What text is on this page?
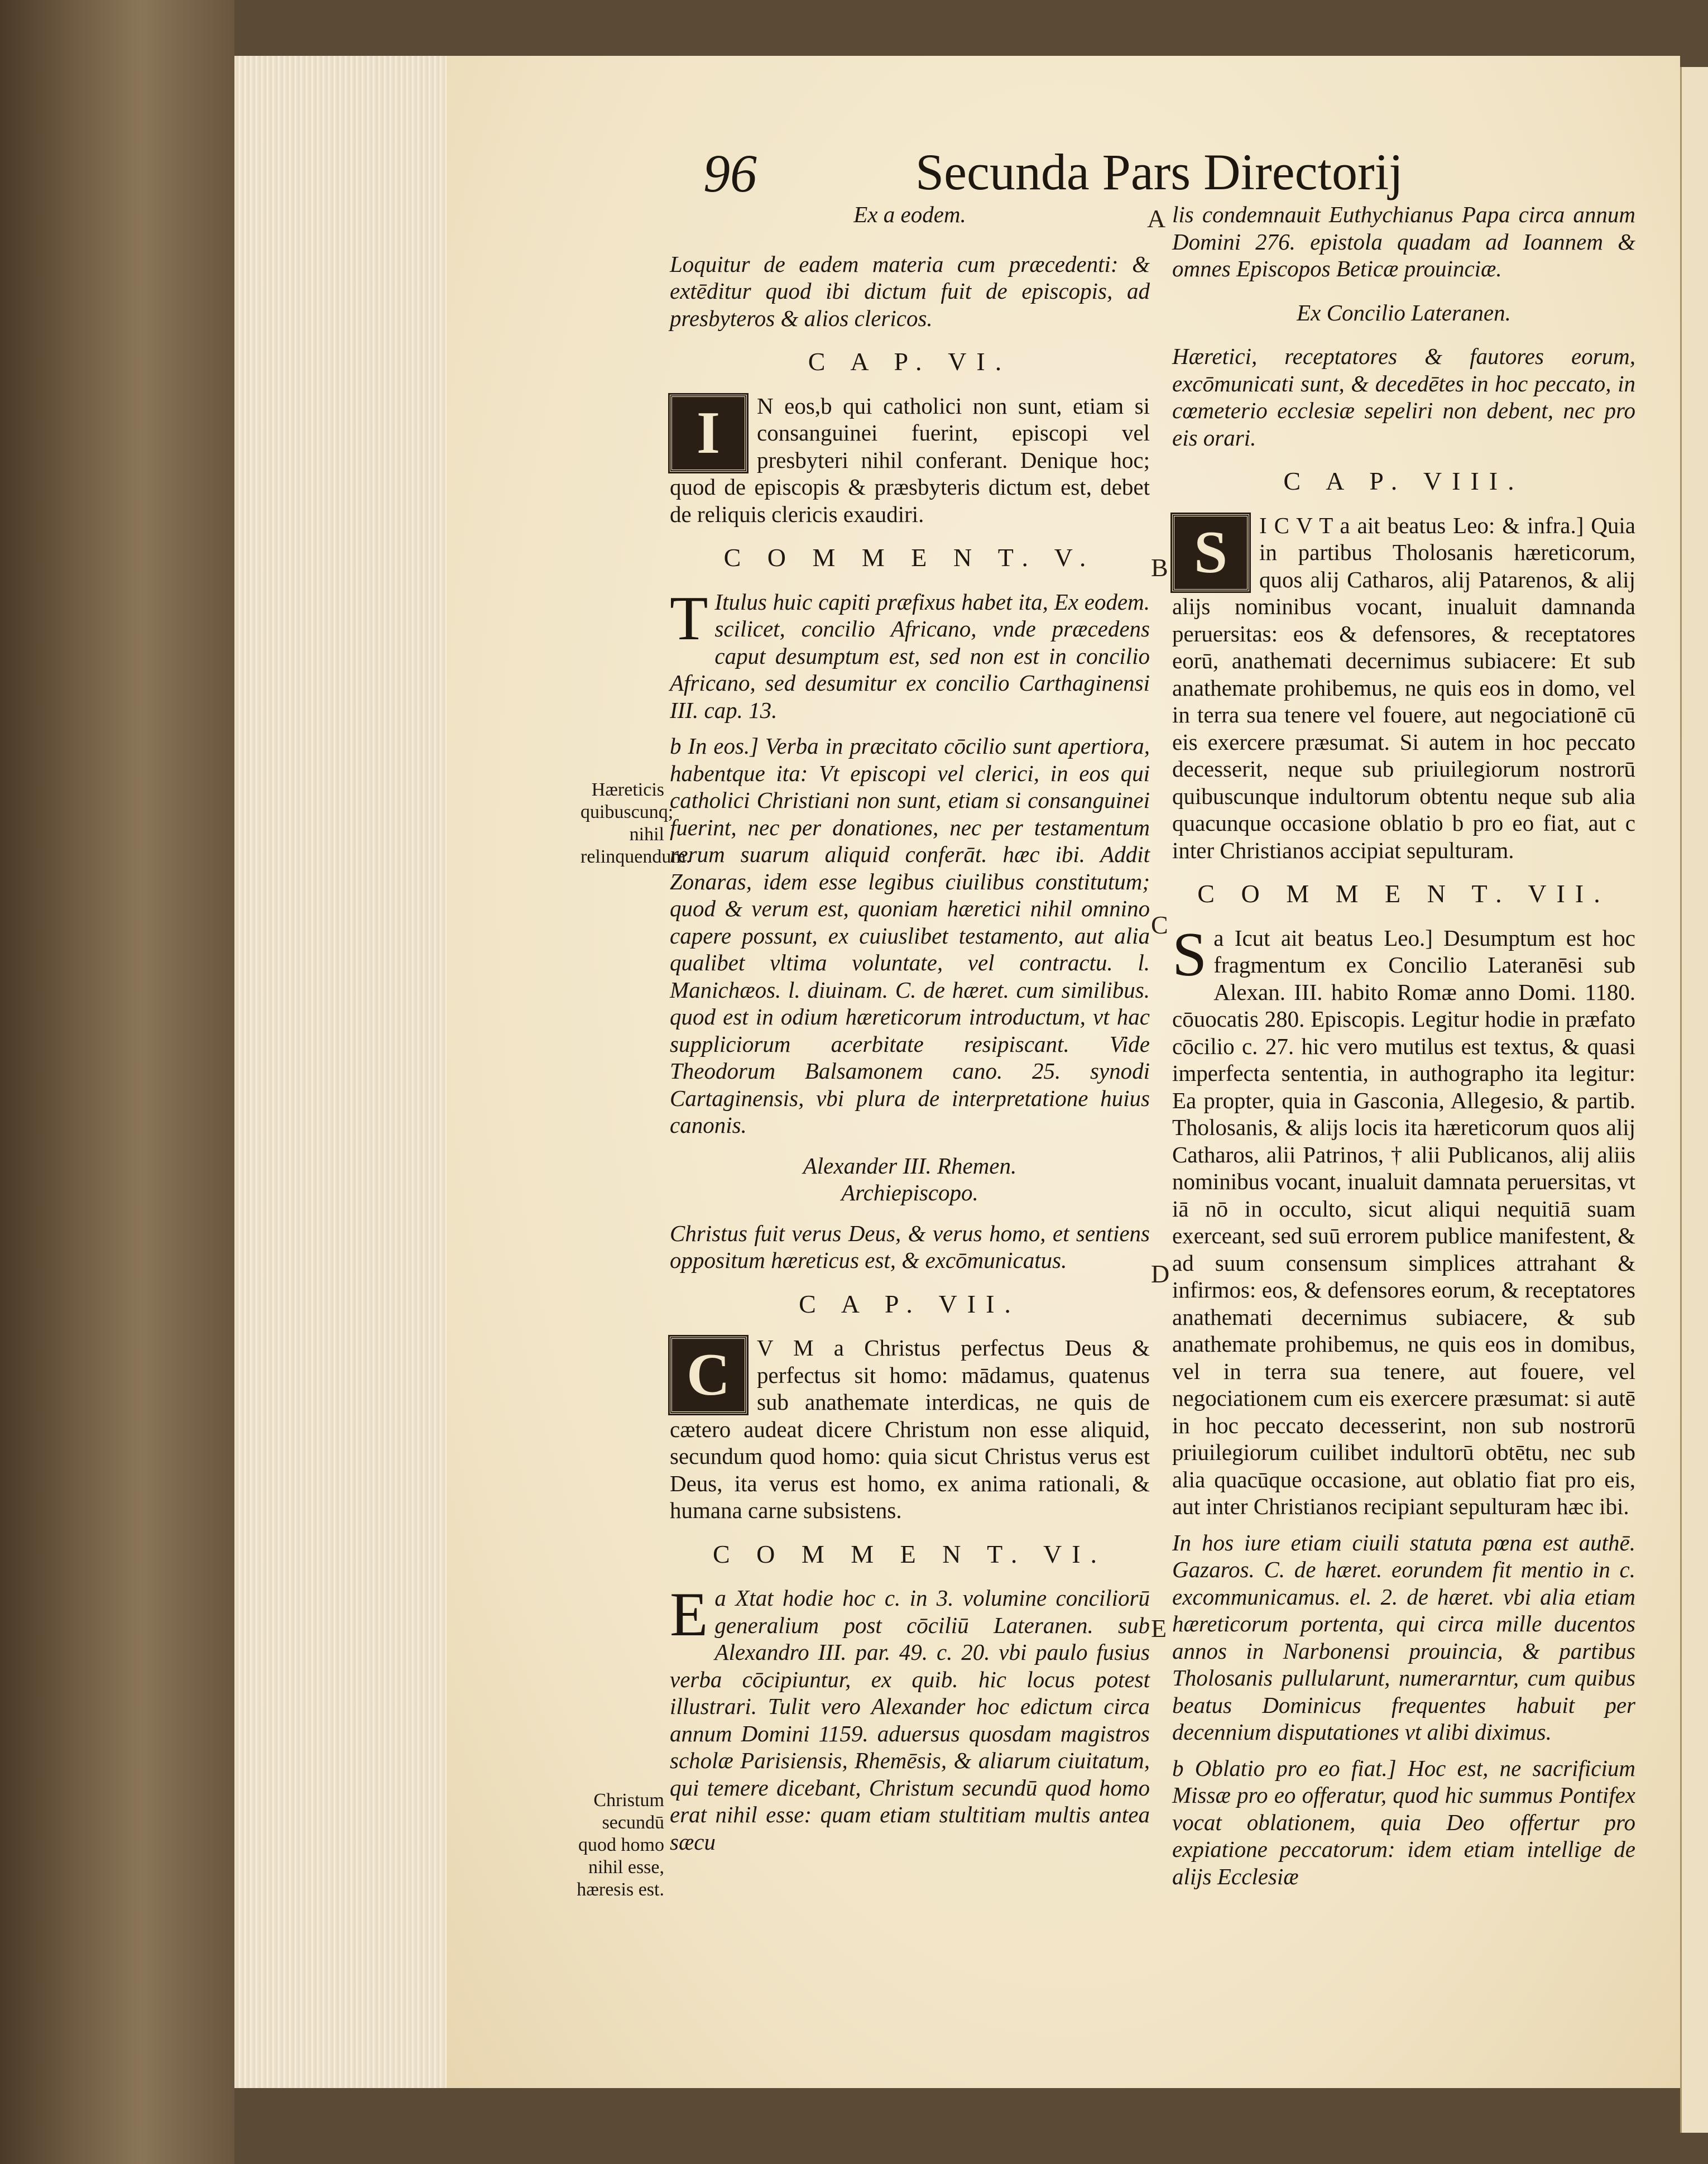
96	Secunda Pars Directorij
Hæreticis quibuscunq; nihil relinquendum.
Christum secundū quod homo nihil esse, hæresis est.
A
B
C
D
E

Ex a eodem.

Loquitur de eadem materia cum præcedenti: & extēditur quod ibi dictum fuit de episcopis, ad presbyteros & alios clericos.

C A P. VI.

I	N eos,b qui catholici non sunt, etiam si consanguinei fuerint, episcopi vel presbyteri nihil conferant. Denique hoc; quod de episcopis & præsbyteris dictum est, debet de reliquis clericis exaudiri.

C O M M E N T. V.

T Itulus huic capiti præfixus habet ita, Ex eodem. scilicet, concilio Africano, vnde præcedens caput desumptum est, sed non est in concilio Africano, sed desumitur ex concilio Carthaginensi III. cap. 13.

b In eos.] Verba in præcitato cōcilio sunt apertiora, habentque ita: Vt episcopi vel clerici, in eos qui catholici Christiani non sunt, etiam si consanguinei fuerint, nec per donationes, nec per testamentum rerum suarum aliquid conferāt. hæc ibi. Addit Zonaras, idem esse legibus ciuilibus constitutum; quod & verum est, quoniam hæretici nihil omnino capere possunt, ex cuiuslibet testamento, aut alia qualibet vltima voluntate, vel contractu. l. Manichæos. l. diuinam. C. de hæret. cum similibus. quod est in odium hæreticorum introductum, vt hac suppliciorum acerbitate resipiscant. Vide Theodorum Balsamonem cano. 25. synodi Cartaginensis, vbi plura de interpretatione huius canonis.

Alexander III. Rhemen.

Archiepiscopo.

Christus fuit verus Deus, & verus homo, et sentiens oppositum hæreticus est, & excōmunicatus.

C A P. VII.

C	V M a Christus perfectus Deus & perfectus sit homo: mādamus, quatenus sub anathemate interdicas, ne quis de cætero audeat dicere Christum non esse aliquid, secundum quod homo: quia sicut Christus verus est Deus, ita verus est homo, ex anima rationali, & humana carne subsistens.

C O M M E N T. VI.

E a Xtat hodie hoc c. in 3. volumine conciliorū generalium post cōciliū Lateranen. sub Alexandro III. par. 49. c. 20. vbi paulo fusius verba cōcipiuntur, ex quib. hic locus potest illustrari. Tulit vero Alexander hoc edictum circa annum Domini 1159. aduersus quosdam magistros scholæ Parisiensis, Rhemēsis, & aliarum ciuitatum, qui temere dicebant, Christum secundū quod homo erat nihil esse: quam etiam stultitiam multis antea sæcu

lis condemnauit Euthychianus Papa circa annum Domini 276. epistola quadam ad Ioannem & omnes Episcopos Beticæ prouinciæ.

Ex Concilio Lateranen.

Hæretici, receptatores & fautores eorum, excōmunicati sunt, & decedētes in hoc peccato, in cœmeterio ecclesiæ sepeliri non debent, nec pro eis orari.

C A P. VIII.

S	I C V T a ait beatus Leo: & infra.] Quia in partibus Tholosanis hæreticorum, quos alij Catharos, alij Patarenos, & alij alijs nominibus vocant, inualuit damnanda peruersitas: eos & defensores, & receptatores eorū, anathemati decernimus subiacere: Et sub anathemate prohibemus, ne quis eos in domo, vel in terra sua tenere vel fouere, aut negociationē cū eis exercere præsumat. Si autem in hoc peccato decesserit, neque sub priuilegiorum nostrorū quibuscunque indultorum obtentu neque sub alia quacunque occasione oblatio b pro eo fiat, aut c inter Christianos accipiat sepulturam.

C O M M E N T. VII.

S a Icut ait beatus Leo.] Desumptum est hoc fragmentum ex Concilio Lateranēsi sub Alexan. III. habito Romæ anno Domi. 1180. cōuocatis 280. Episcopis. Legitur hodie in præfato cōcilio c. 27. hic vero mutilus est textus, & quasi imperfecta sententia, in authographo ita legitur: Ea propter, quia in Gasconia, Allegesio, & partib. Tholosanis, & alijs locis ita hæreticorum quos alij Catharos, alii Patrinos, † alii Publicanos, alij aliis nominibus vocant, inualuit damnata peruersitas, vt iā nō in occulto, sicut aliqui nequitiā suam exerceant, sed suū errorem publice manifestent, & ad suum consensum simplices attrahant & infirmos: eos, & defensores eorum, & receptatores anathemati decernimus subiacere, & sub anathemate prohibemus, ne quis eos in domibus, vel in terra sua tenere, aut fouere, vel negociationem cum eis exercere præsumat: si autē in hoc peccato decesserint, non sub nostrorū priuilegiorum cuilibet indultorū obtētu, nec sub alia quacūque occasione, aut oblatio fiat pro eis, aut inter Christianos recipiant sepulturam hæc ibi.

In hos iure etiam ciuili statuta pœna est authē. Gazaros. C. de hæret. eorundem fit mentio in c. excommunicamus. el. 2. de hæret. vbi alia etiam hæreticorum portenta, qui circa mille ducentos annos in Narbonensi prouincia, & partibus Tholosanis pullularunt, numerarntur, cum quibus beatus Dominicus frequentes habuit per decennium disputationes vt alibi diximus.

b Oblatio pro eo fiat.] Hoc est, ne sacrificium Missæ pro eo offeratur, quod hic summus Pontifex vocat oblationem, quia Deo offertur pro expiatione peccatorum: idem etiam intellige de alijs Ecclesiæ
